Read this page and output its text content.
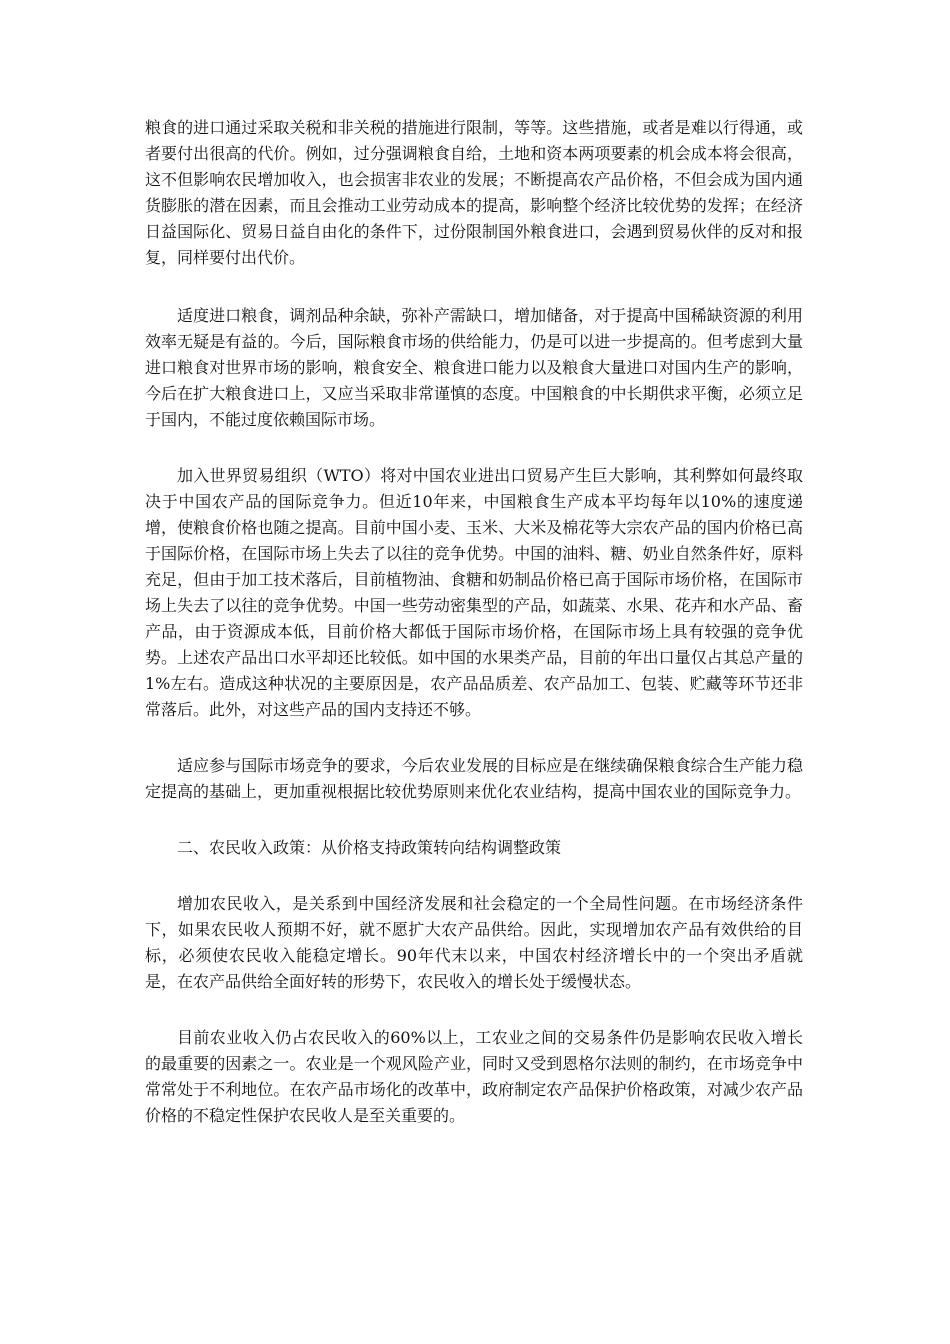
粮食的进口通过采取关税和非关税的措施进行限制，等等。这些措施，或者是难以行得通，或者要付出很高的代价。例如，过分强调粮食自给，土地和资本两项要素的机会成本将会很高，这不但影响农民增加收入，也会损害非农业的发展；不断提高农产品价格，不但会成为国内通货膨胀的潜在因素，而且会推动工业劳动成本的提高，影响整个经济比较优势的发挥；在经济日益国际化、贸易日益自由化的条件下，过份限制国外粮食进口，会遇到贸易伙伴的反对和报复，同样要付出代价。

适度进口粮食，调剂品种余缺，弥补产需缺口，增加储备，对于提高中国稀缺资源的利用效率无疑是有益的。今后，国际粮食市场的供给能力，仍是可以进一步提高的。但考虑到大量进口粮食对世界市场的影响，粮食安全、粮食进口能力以及粮食大量进口对国内生产的影响，今后在扩大粮食进口上，又应当采取非常谨慎的态度。中国粮食的中长期供求平衡，必须立足于国内，不能过度依赖国际市场。

加入世界贸易组织（WTO）将对中国农业进出口贸易产生巨大影响，其利弊如何最终取决于中国农产品的国际竞争力。但近10年来，中国粮食生产成本平均每年以10%的速度递增，使粮食价格也随之提高。目前中国小麦、玉米、大米及棉花等大宗农产品的国内价格已高于国际价格，在国际市场上失去了以往的竞争优势。中国的油料、糖、奶业自然条件好，原料充足，但由于加工技术落后，目前植物油、食糖和奶制品价格已高于国际市场价格，在国际市场上失去了以往的竞争优势。中国一些劳动密集型的产品，如蔬菜、水果、花卉和水产品、畜产品，由于资源成本低，目前价格大都低于国际市场价格，在国际市场上具有较强的竞争优势。上述农产品出口水平却还比较低。如中国的水果类产品，目前的年出口量仅占其总产量的1%左右。造成这种状况的主要原因是，农产品品质差、农产品加工、包装、贮藏等环节还非常落后。此外，对这些产品的国内支持还不够。

适应参与国际市场竞争的要求，今后农业发展的目标应是在继续确保粮食综合生产能力稳定提高的基础上，更加重视根据比较优势原则来优化农业结构，提高中国农业的国际竞争力。

二、农民收入政策：从价格支持政策转向结构调整政策

增加农民收入，是关系到中国经济发展和社会稳定的一个全局性问题。在市场经济条件下，如果农民收人预期不好，就不愿扩大农产品供给。因此，实现增加农产品有效供给的目标，必须使农民收入能稳定增长。90年代末以来，中国农村经济增长中的一个突出矛盾就是，在农产品供给全面好转的形势下，农民收入的增长处于缓慢状态。

目前农业收入仍占农民收入的60%以上，工农业之间的交易条件仍是影响农民收入增长的最重要的因素之一。农业是一个观风险产业，同时又受到恩格尔法则的制约，在市场竞争中常常处于不利地位。在农产品市场化的改革中，政府制定农产品保护价格政策，对减少农产品价格的不稳定性保护农民收人是至关重要的。
